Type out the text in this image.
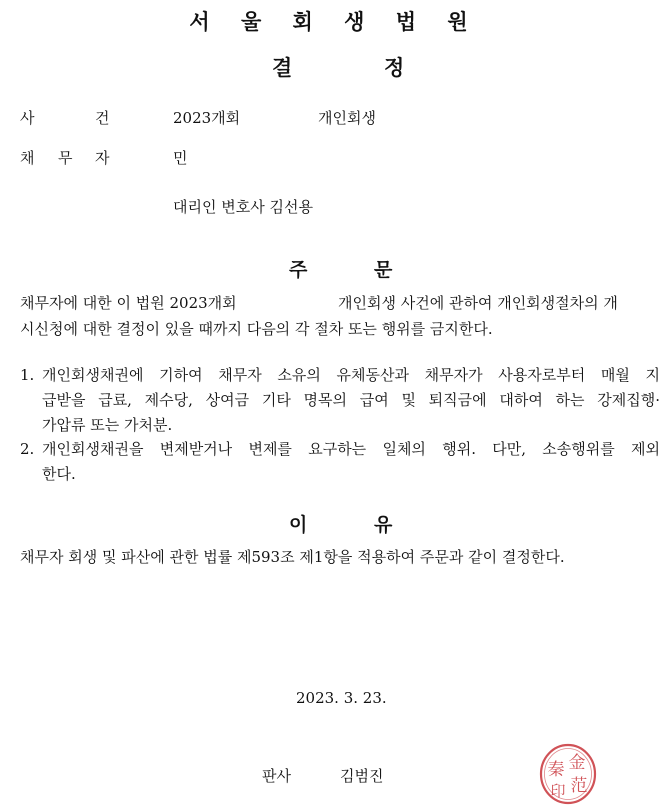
서 울 회 생 법 원
결	정
사	건	2023개회	개인회생
채 무 자	민
대리인 변호사 김선용
주	문
채무자에 대한 이 법원 2023개회	개인회생 사건에 관하여 개인회생절차의 개
시신청에 대한 결정이 있을 때까지 다음의 각 절차 또는 행위를 금지한다.
1. 개인회생채권에 기하여 채무자 소유의 유체동산과 채무자가 사용자로부터 매월 지
급받을 급료, 제수당, 상여금 기타 명목의 급여 및 퇴직금에 대하여 하는 강제집행·
가압류 또는 가처분.
2. 개인회생채권을 변제받거나 변제를 요구하는 일체의 행위. 다만, 소송행위를 제외
한다.
이	유
채무자 회생 및 파산에 관한 법률 제593조 제1항을 적용하여 주문과 같이 결정한다.
2023. 3. 23.
판사	김범진
金
范
秦
印
